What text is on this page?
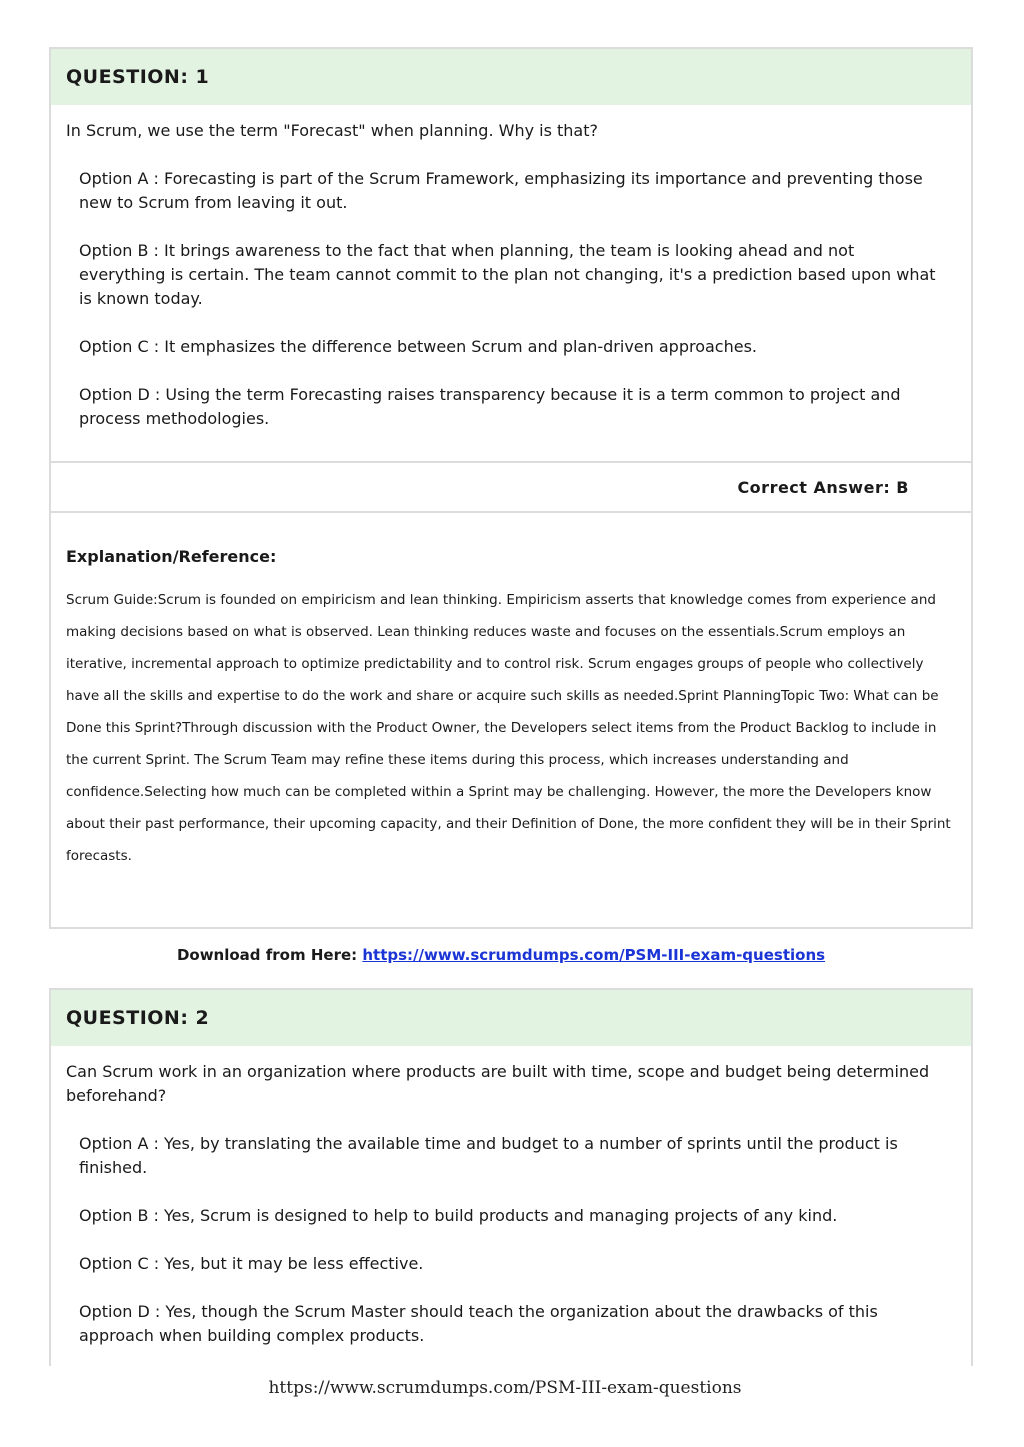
QUESTION: 1
In Scrum, we use the term "Forecast" when planning. Why is that?
Option A : Forecasting is part of the Scrum Framework, emphasizing its importance and preventing those new to Scrum from leaving it out.
Option B : It brings awareness to the fact that when planning, the team is looking ahead and not everything is certain. The team cannot commit to the plan not changing, it's a prediction based upon what is known today.
Option C : It emphasizes the difference between Scrum and plan-driven approaches.
Option D : Using the term Forecasting raises transparency because it is a term common to project and process methodologies.
Correct Answer: B
Explanation/Reference:
Scrum Guide:Scrum is founded on empiricism and lean thinking. Empiricism asserts that knowledge comes from experience and making decisions based on what is observed. Lean thinking reduces waste and focuses on the essentials.Scrum employs an iterative, incremental approach to optimize predictability and to control risk. Scrum engages groups of people who collectively have all the skills and expertise to do the work and share or acquire such skills as needed.Sprint PlanningTopic Two: What can be Done this Sprint?Through discussion with the Product Owner, the Developers select items from the Product Backlog to include in the current Sprint. The Scrum Team may refine these items during this process, which increases understanding and confidence.Selecting how much can be completed within a Sprint may be challenging. However, the more the Developers know about their past performance, their upcoming capacity, and their Definition of Done, the more confident they will be in their Sprint forecasts.
Download from Here: https://www.scrumdumps.com/PSM-III-exam-questions
QUESTION: 2
Can Scrum work in an organization where products are built with time, scope and budget being determined beforehand?
Option A : Yes, by translating the available time and budget to a number of sprints until the product is finished.
Option B : Yes, Scrum is designed to help to build products and managing projects of any kind.
Option C : Yes, but it may be less effective.
Option D : Yes, though the Scrum Master should teach the organization about the drawbacks of this approach when building complex products.
https://www.scrumdumps.com/PSM-III-exam-questions
